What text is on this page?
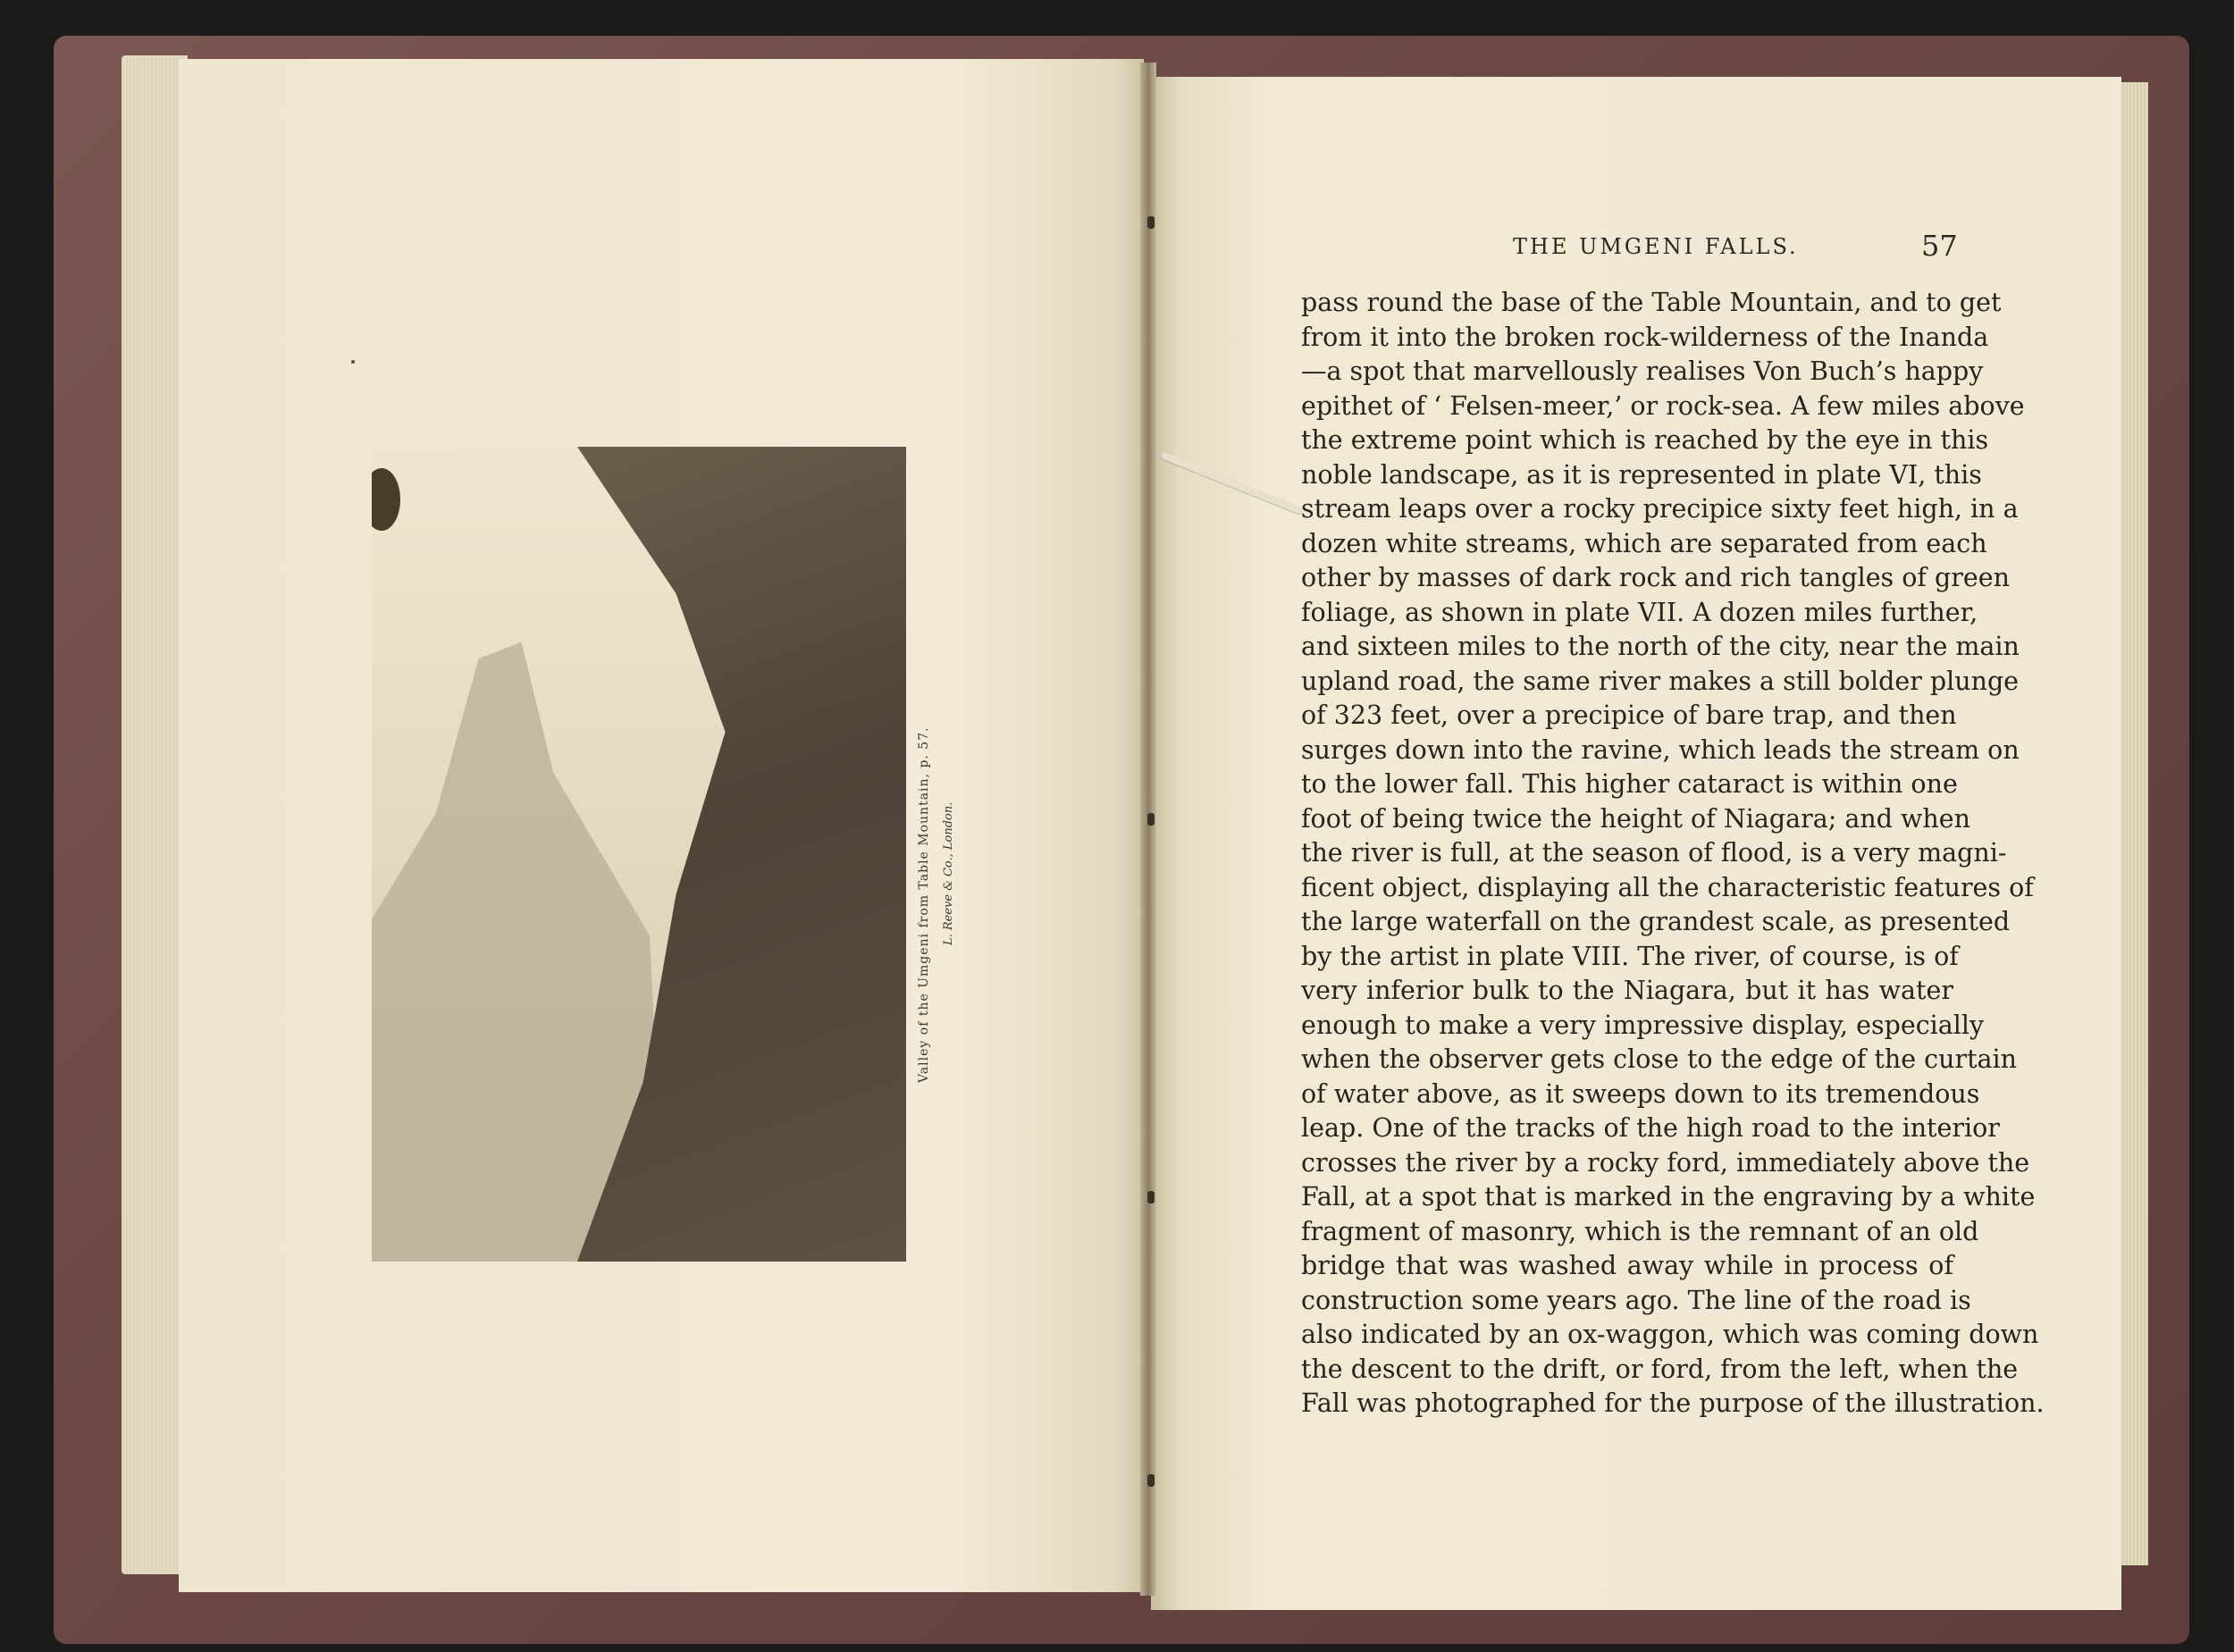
Valley of the Umgeni from Table Mountain, p. 57. L. Reeve & Co., London.
THE UMGENI FALLS.	57
pass round the base of the Table Mountain, and to get
from it into the broken rock-wilderness of the Inanda
—a spot that marvellously realises Von Buch’s happy
epithet of ‘ Felsen-meer,’ or rock-sea. A few miles above
the extreme point which is reached by the eye in this
noble landscape, as it is represented in plate VI, this
stream leaps over a rocky precipice sixty feet high, in a
dozen white streams, which are separated from each
other by masses of dark rock and rich tangles of green
foliage, as shown in plate VII. A dozen miles further,
and sixteen miles to the north of the city, near the main
upland road, the same river makes a still bolder plunge
of 323 feet, over a precipice of bare trap, and then
surges down into the ravine, which leads the stream on
to the lower fall. This higher cataract is within one
foot of being twice the height of Niagara; and when
the river is full, at the season of flood, is a very magni-
ficent object, displaying all the characteristic features of
the large waterfall on the grandest scale, as presented
by the artist in plate VIII. The river, of course, is of
very inferior bulk to the Niagara, but it has water
enough to make a very impressive display, especially
when the observer gets close to the edge of the curtain
of water above, as it sweeps down to its tremendous
leap. One of the tracks of the high road to the interior
crosses the river by a rocky ford, immediately above the
Fall, at a spot that is marked in the engraving by a white
fragment of masonry, which is the remnant of an old
bridge that was washed away while in process of
construction some years ago. The line of the road is
also indicated by an ox-waggon, which was coming down
the descent to the drift, or ford, from the left, when the
Fall was photographed for the purpose of the illustration.
